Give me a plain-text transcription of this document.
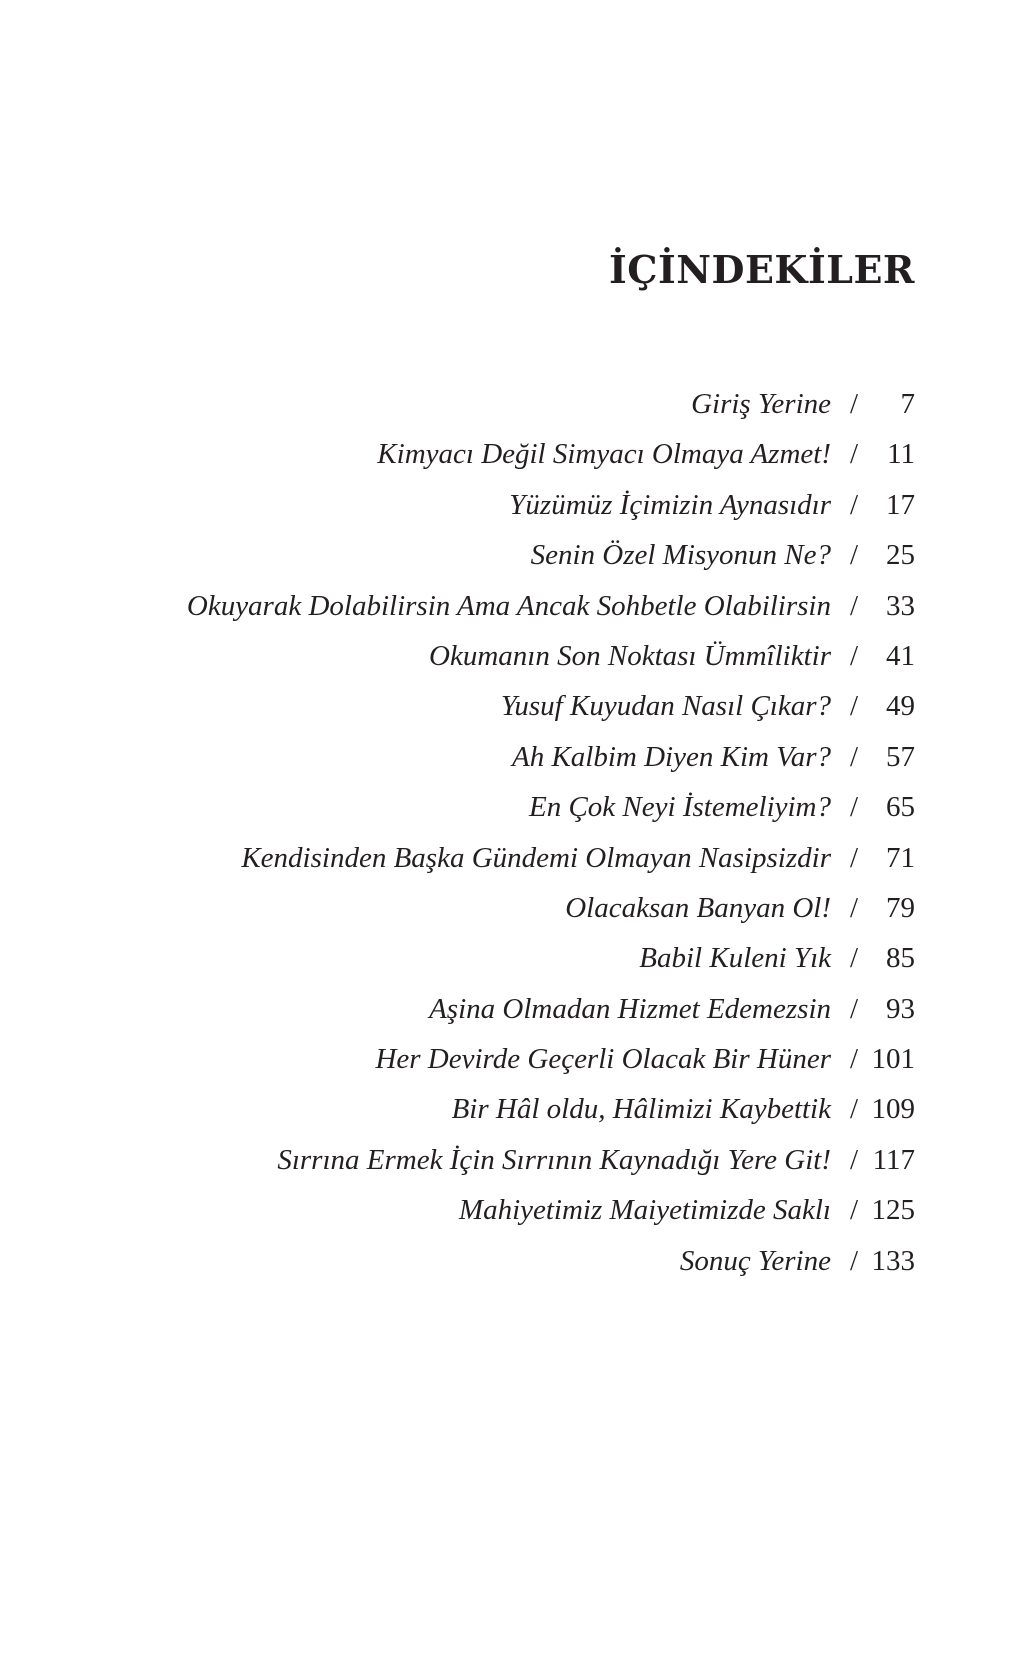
İÇİNDEKİLER
Giriş Yerine /	7
Kimyacı Değil Simyacı Olmaya Azmet! /	11
Yüzümüz İçimizin Aynasıdır / 17
Senin Özel Misyonun Ne? / 25
Okuyarak Dolabilirsin Ama Ancak Sohbetle Olabilirsin / 33
Okumanın Son Noktası Ümmîliktir / 41
Yusuf Kuyudan Nasıl Çıkar? / 49
Ah Kalbim Diyen Kim Var? / 57
En Çok Neyi İstemeliyim? / 65
Kendisinden Başka Gündemi Olmayan Nasipsizdir / 71
Olacaksan Banyan Ol! / 79
Babil Kuleni Yık / 85
Aşina Olmadan Hizmet Edemezsin / 93
Her Devirde Geçerli Olacak Bir Hüner / 101
Bir Hâl oldu, Hâlimizi Kaybettik / 109
Sırrına Ermek İçin Sırrının Kaynadığı Yere Git! / 117
Mahiyetimiz Maiyetimizde Saklı / 125
Sonuç Yerine / 133
